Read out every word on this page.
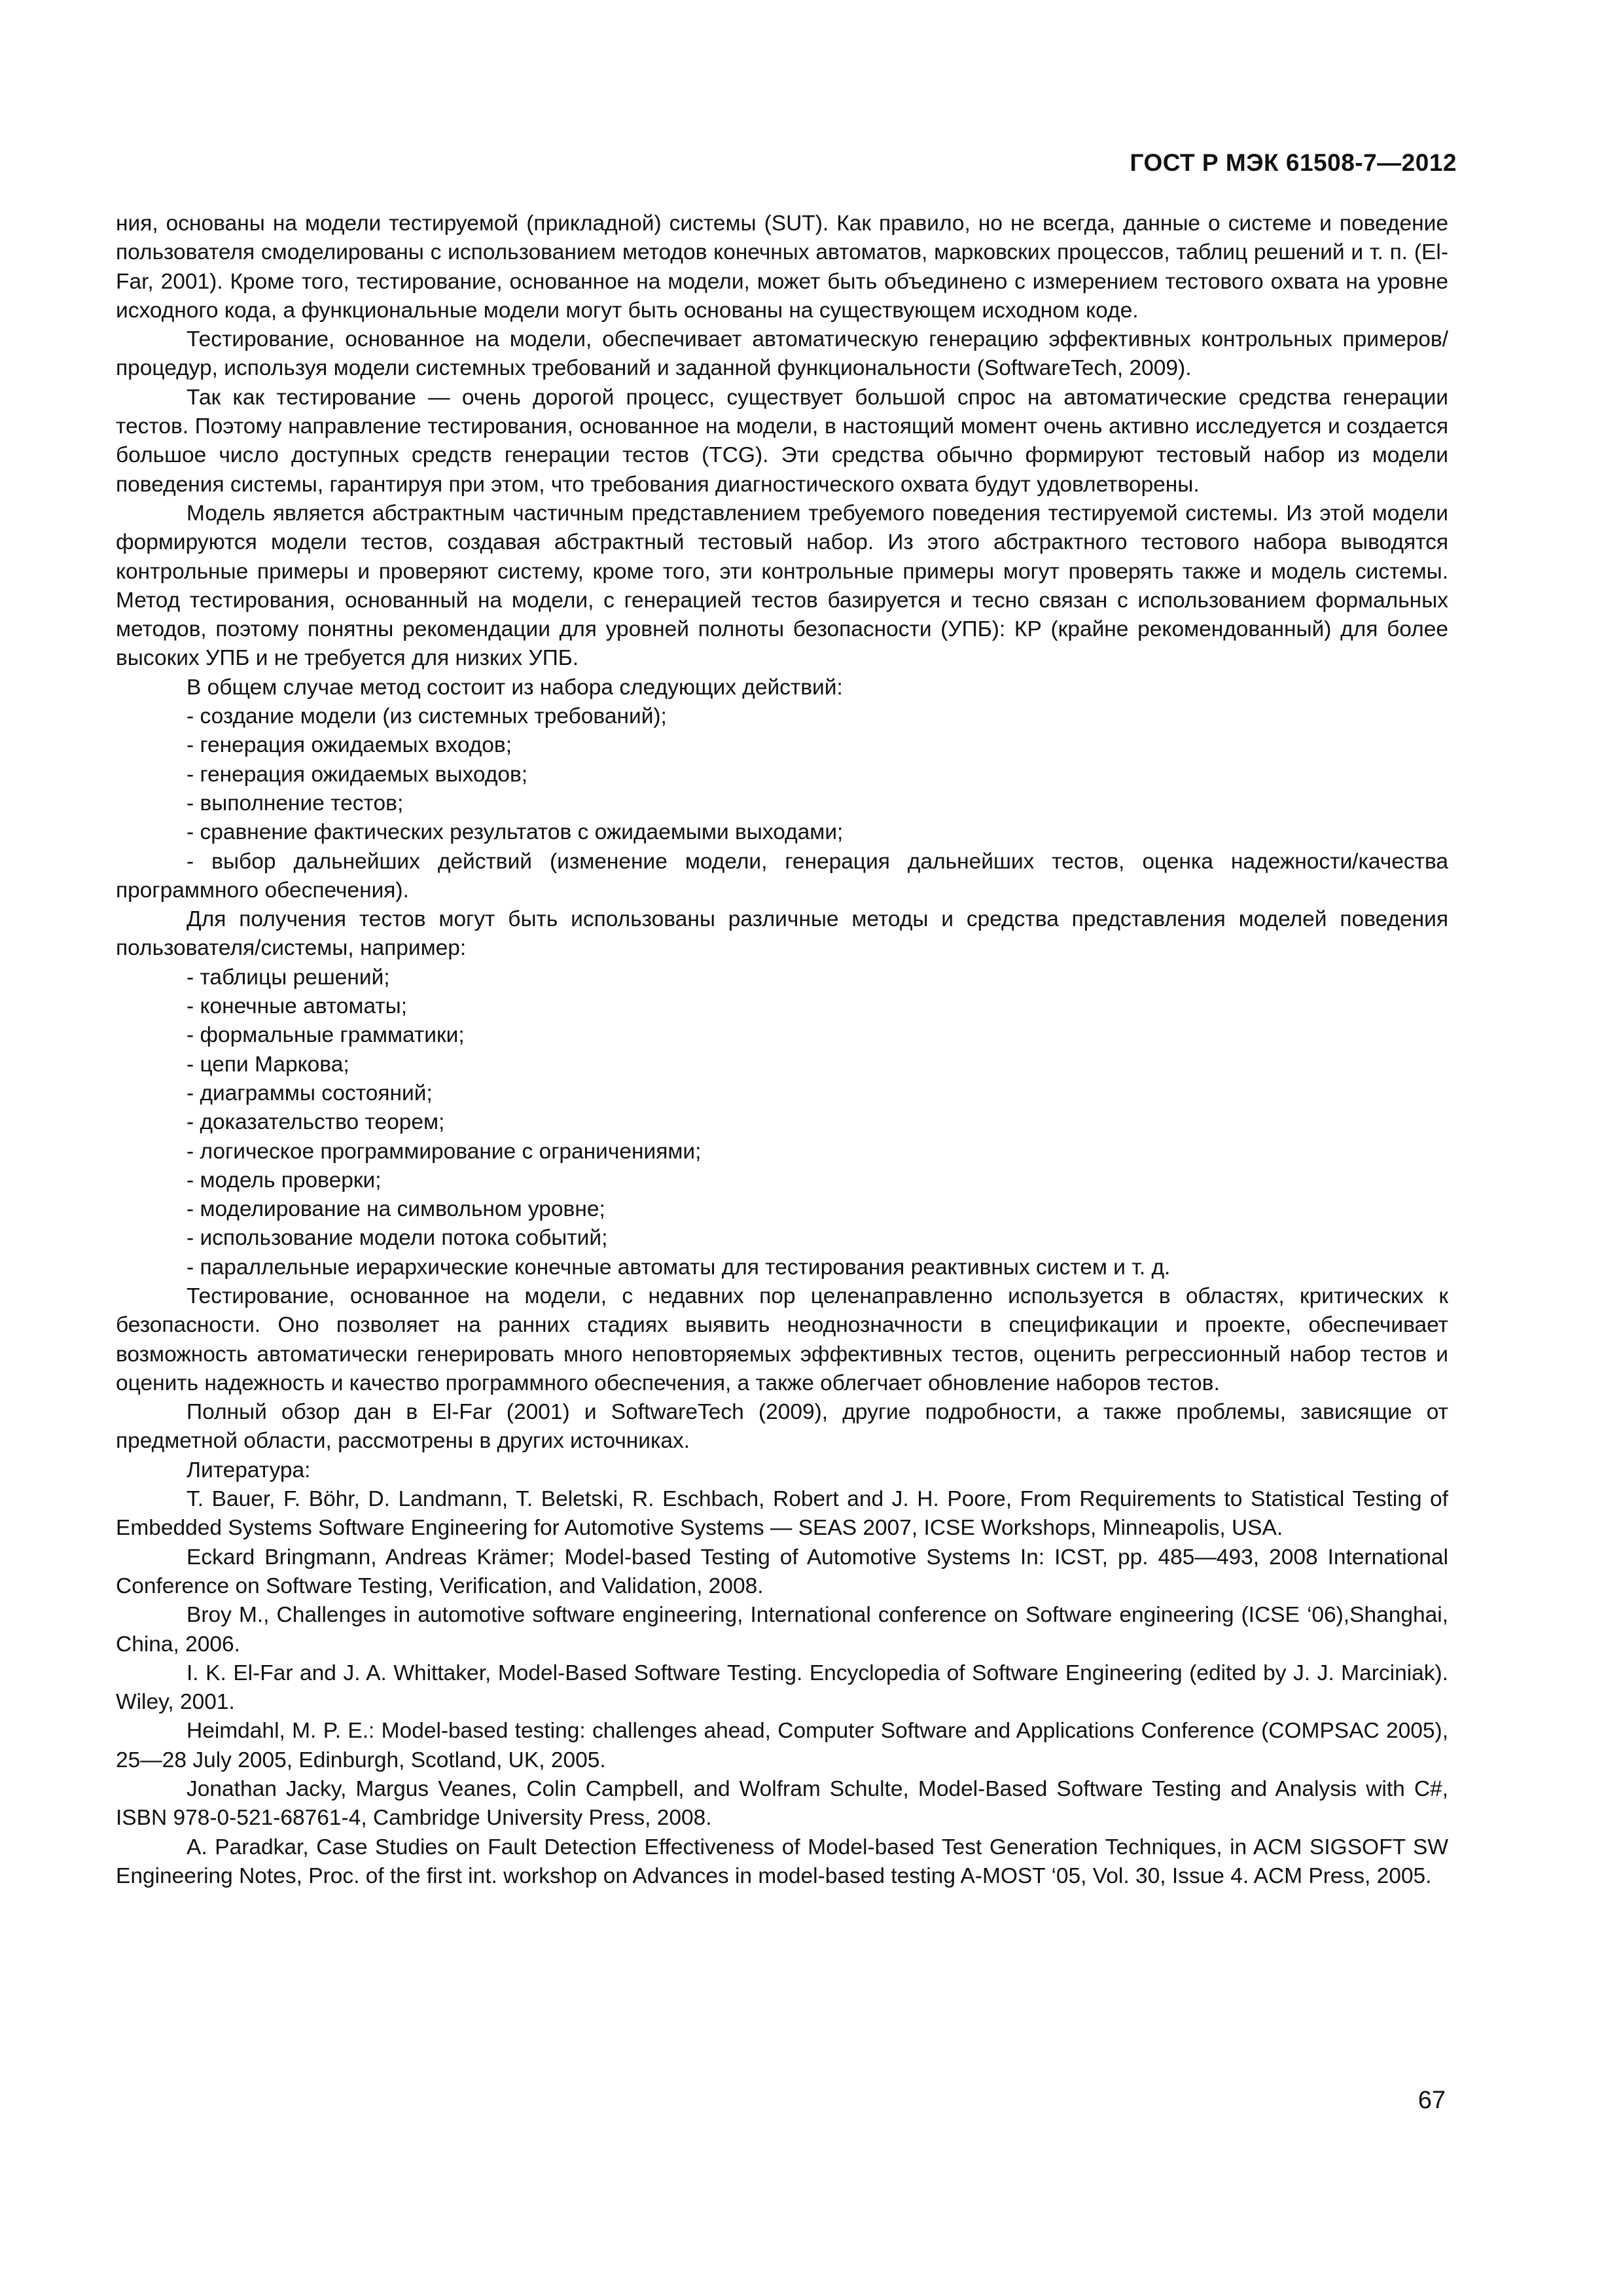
ГОСТ Р МЭК 61508-7—2012

ния, основаны на модели тестируемой (прикладной) системы (SUT). Как правило, но не всегда, данные о системе и поведение пользователя смоделированы с использованием методов конечных автоматов, марковских процессов, таблиц решений и т. п. (El-Far, 2001). Кроме того, тестирование, основанное на модели, может быть объединено с измерением тестового охвата на уровне исходного кода, а функциональные модели могут быть основаны на существующем исходном коде.

Тестирование, основанное на модели, обеспечивает автоматическую генерацию эффективных контрольных примеров/процедур, используя модели системных требований и заданной функциональности (SoftwareTech, 2009).

Так как тестирование — очень дорогой процесс, существует большой спрос на автоматические средства генерации тестов. Поэтому направление тестирования, основанное на модели, в настоящий момент очень активно исследуется и создается большое число доступных средств генерации тестов (TCG). Эти средства обычно формируют тестовый набор из модели поведения системы, гарантируя при этом, что требования диагностического охвата будут удовлетворены.

Модель является абстрактным частичным представлением требуемого поведения тестируемой системы. Из этой модели формируются модели тестов, создавая абстрактный тестовый набор. Из этого абстрактного тестового набора выводятся контрольные примеры и проверяют систему, кроме того, эти контрольные примеры могут проверять также и модель системы. Метод тестирования, основанный на модели, с генерацией тестов базируется и тесно связан с использованием формальных методов, поэтому понятны рекомендации для уровней полноты безопасности (УПБ): КР (крайне рекомендованный) для более высоких УПБ и не требуется для низких УПБ.

В общем случае метод состоит из набора следующих действий:

- создание модели (из системных требований);
- генерация ожидаемых входов;
- генерация ожидаемых выходов;
- выполнение тестов;
- сравнение фактических результатов с ожидаемыми выходами;
- выбор дальнейших действий (изменение модели, генерация дальнейших тестов, оценка надежности/качества программного обеспечения).

Для получения тестов могут быть использованы различные методы и средства представления моделей поведения пользователя/системы, например:

- таблицы решений;
- конечные автоматы;
- формальные грамматики;
- цепи Маркова;
- диаграммы состояний;
- доказательство теорем;
- логическое программирование с ограничениями;
- модель проверки;
- моделирование на символьном уровне;
- использование модели потока событий;
- параллельные иерархические конечные автоматы для тестирования реактивных систем и т. д.

Тестирование, основанное на модели, с недавних пор целенаправленно используется в областях, критических к безопасности. Оно позволяет на ранних стадиях выявить неоднозначности в спецификации и проекте, обеспечивает возможность автоматически генерировать много неповторяемых эффективных тестов, оценить регрессионный набор тестов и оценить надежность и качество программного обеспечения, а также облегчает обновление наборов тестов.

Полный обзор дан в El-Far (2001) и SoftwareTech (2009), другие подробности, а также проблемы, зависящие от предметной области, рассмотрены в других источниках.

Литература:

T. Bauer, F. Böhr, D. Landmann, T. Beletski, R. Eschbach, Robert and J. H. Poore, From Requirements to Statistical Testing of Embedded Systems Software Engineering for Automotive Systems — SEAS 2007, ICSE Workshops, Minneapolis, USA.

Eckard Bringmann, Andreas Krämer; Model-based Testing of Automotive Systems In: ICST, pp. 485—493, 2008 International Conference on Software Testing, Verification, and Validation, 2008.

Broy M., Challenges in automotive software engineering, International conference on Software engineering (ICSE ‘06),Shanghai, China, 2006.

I. K. El-Far and J. A. Whittaker, Model-Based Software Testing. Encyclopedia of Software Engineering (edited by J. J. Marciniak). Wiley, 2001.

Heimdahl, M. P. E.: Model-based testing: challenges ahead, Computer Software and Applications Conference (COMPSAC 2005), 25—28 July 2005, Edinburgh, Scotland, UK, 2005.

Jonathan Jacky, Margus Veanes, Colin Campbell, and Wolfram Schulte, Model-Based Software Testing and Analysis with C#, ISBN 978-0-521-68761-4, Cambridge University Press, 2008.

A. Paradkar, Case Studies on Fault Detection Effectiveness of Model-based Test Generation Techniques, in ACM SIGSOFT SW Engineering Notes, Proc. of the first int. workshop on Advances in model-based testing A-MOST ‘05, Vol. 30, Issue 4. ACM Press, 2005.

67
